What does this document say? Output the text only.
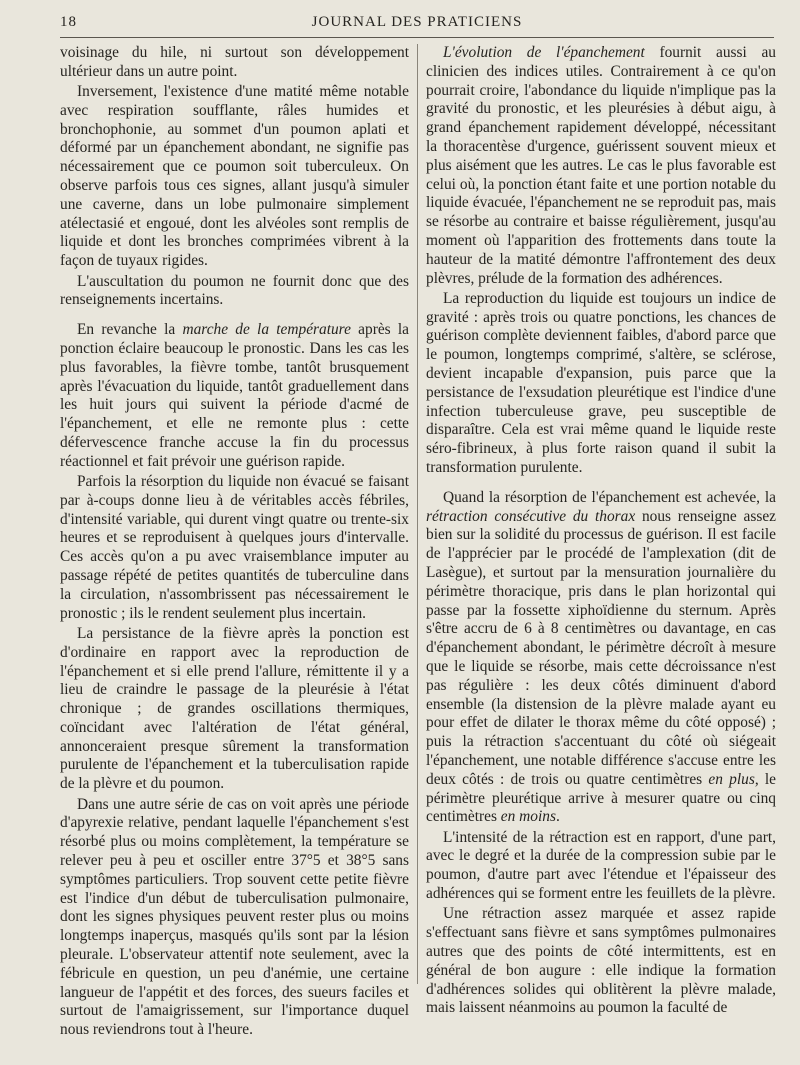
18	JOURNAL DES PRATICIENS

voisinage du hile, ni surtout son développement ultérieur dans un autre point.

Inversement, l'existence d'une matité même notable avec respiration soufflante, râles humides et bronchophonie, au sommet d'un poumon aplati et déformé par un épanchement abondant, ne signifie pas nécessairement que ce poumon soit tuberculeux. On observe parfois tous ces signes, allant jusqu'à simuler une caverne, dans un lobe pulmonaire simplement atélectasié et engoué, dont les alvéoles sont remplis de liquide et dont les bronches comprimées vibrent à la façon de tuyaux rigides.

L'auscultation du poumon ne fournit donc que des renseignements incertains.

En revanche la marche de la température après la ponction éclaire beaucoup le pronostic. Dans les cas les plus favorables, la fièvre tombe, tantôt brusquement après l'évacuation du liquide, tantôt graduellement dans les huit jours qui suivent la période d'acmé de l'épanchement, et elle ne remonte plus : cette défervescence franche accuse la fin du processus réactionnel et fait prévoir une guérison rapide.

Parfois la résorption du liquide non évacué se faisant par à-coups donne lieu à de véritables accès fébriles, d'intensité variable, qui durent vingt quatre ou trente-six heures et se reproduisent à quelques jours d'intervalle. Ces accès qu'on a pu avec vraisemblance imputer au passage répété de petites quantités de tuberculine dans la circulation, n'assombrissent pas nécessairement le pronostic ; ils le rendent seulement plus incertain.

La persistance de la fièvre après la ponction est d'ordinaire en rapport avec la reproduction de l'épanchement et si elle prend l'allure, rémittente il y a lieu de craindre le passage de la pleurésie à l'état chronique ; de grandes oscillations thermiques, coïncidant avec l'altération de l'état général, annonceraient presque sûrement la transformation purulente de l'épanchement et la tuberculisation rapide de la plèvre et du poumon.

Dans une autre série de cas on voit après une période d'apyrexie relative, pendant laquelle l'épanchement s'est résorbé plus ou moins complètement, la température se relever peu à peu et osciller entre 37°5 et 38°5 sans symptômes particuliers. Trop souvent cette petite fièvre est l'indice d'un début de tuberculisation pulmonaire, dont les signes physiques peuvent rester plus ou moins longtemps inaperçus, masqués qu'ils sont par la lésion pleurale. L'observateur attentif note seulement, avec la fébricule en question, un peu d'anémie, une certaine langueur de l'appétit et des forces, des sueurs faciles et surtout de l'amaigrissement, sur l'importance duquel nous reviendrons tout à l'heure.

L'évolution de l'épanchement fournit aussi au clinicien des indices utiles. Contrairement à ce qu'on pourrait croire, l'abondance du liquide n'implique pas la gravité du pronostic, et les pleurésies à début aigu, à grand épanchement rapidement développé, nécessitant la thoracentèse d'urgence, guérissent souvent mieux et plus aisément que les autres. Le cas le plus favorable est celui où, la ponction étant faite et une portion notable du liquide évacuée, l'épanchement ne se reproduit pas, mais se résorbe au contraire et baisse régulièrement, jusqu'au moment où l'apparition des frottements dans toute la hauteur de la matité démontre l'affrontement des deux plèvres, prélude de la formation des adhérences.

La reproduction du liquide est toujours un indice de gravité : après trois ou quatre ponctions, les chances de guérison complète deviennent faibles, d'abord parce que le poumon, longtemps comprimé, s'altère, se sclérose, devient incapable d'expansion, puis parce que la persistance de l'exsudation pleurétique est l'indice d'une infection tuberculeuse grave, peu susceptible de disparaître. Cela est vrai même quand le liquide reste séro-fibrineux, à plus forte raison quand il subit la transformation purulente.

Quand la résorption de l'épanchement est achevée, la rétraction consécutive du thorax nous renseigne assez bien sur la solidité du processus de guérison. Il est facile de l'apprécier par le procédé de l'amplexation (dit de Lasègue), et surtout par la mensuration journalière du périmètre thoracique, pris dans le plan horizontal qui passe par la fossette xiphoïdienne du sternum. Après s'être accru de 6 à 8 centimètres ou davantage, en cas d'épanchement abondant, le périmètre décroît à mesure que le liquide se résorbe, mais cette décroissance n'est pas régulière : les deux côtés diminuent d'abord ensemble (la distension de la plèvre malade ayant eu pour effet de dilater le thorax même du côté opposé) ; puis la rétraction s'accentuant du côté où siégeait l'épanchement, une notable différence s'accuse entre les deux côtés : de trois ou quatre centimètres en plus, le périmètre pleurétique arrive à mesurer quatre ou cinq centimètres en moins.

L'intensité de la rétraction est en rapport, d'une part, avec le degré et la durée de la compression subie par le poumon, d'autre part avec l'étendue et l'épaisseur des adhérences qui se forment entre les feuillets de la plèvre.

Une rétraction assez marquée et assez rapide s'effectuant sans fièvre et sans symptômes pulmonaires autres que des points de côté intermittents, est en général de bon augure : elle indique la formation d'adhérences solides qui oblitèrent la plèvre malade, mais laissent néanmoins au poumon la faculté de
